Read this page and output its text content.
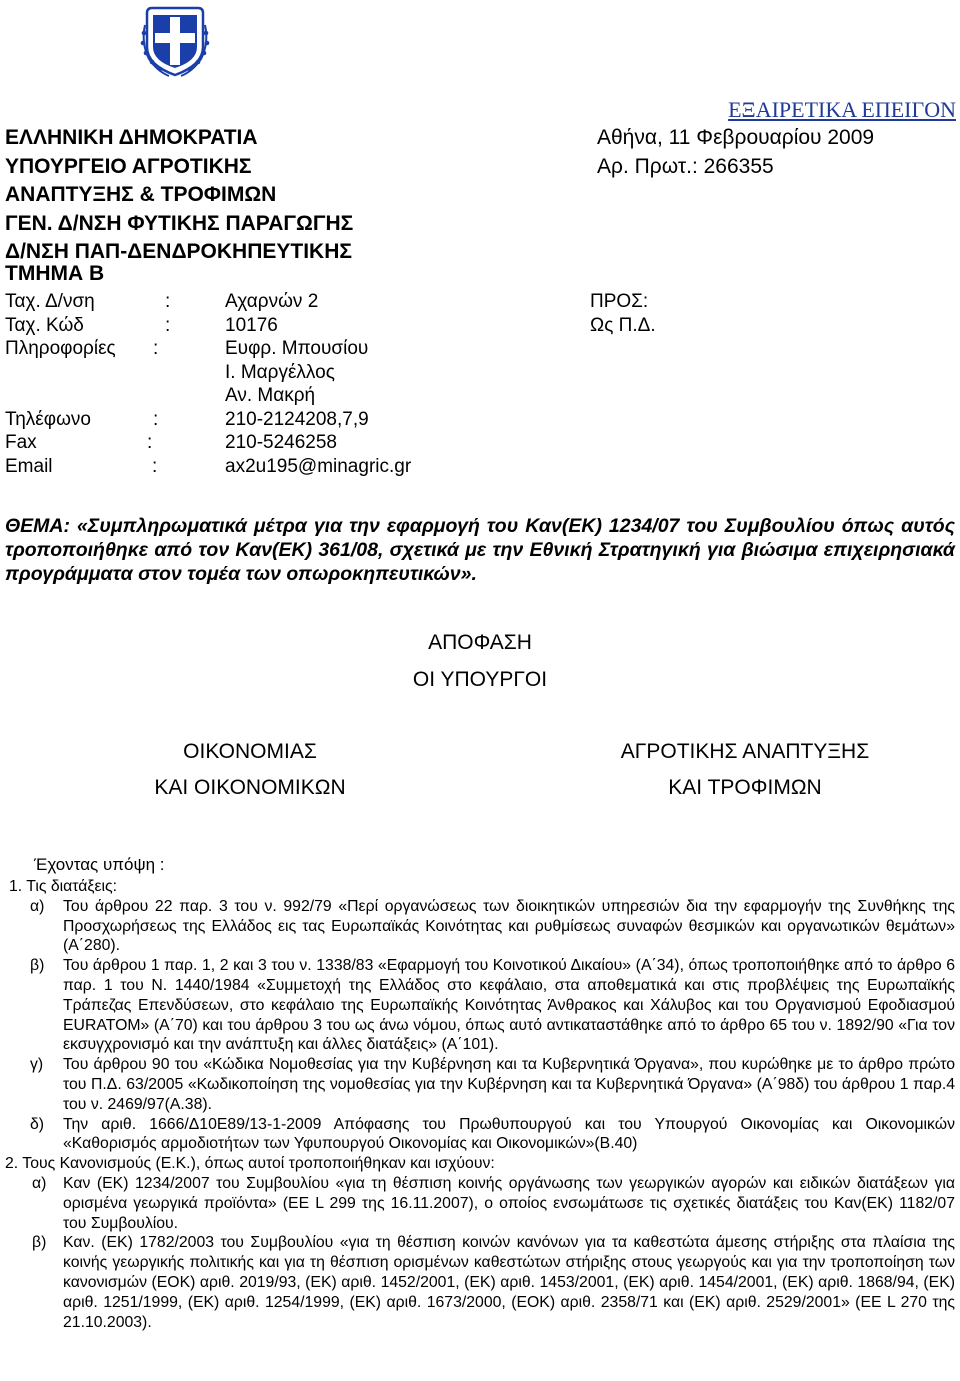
ΕΞΑΙΡΕΤΙΚΑ ΕΠΕΙΓΟΝ
ΕΛΛΗΝΙΚΗ ΔΗΜΟΚΡΑΤΙΑ
ΥΠΟΥΡΓΕΙΟ ΑΓΡΟΤΙΚΗΣ
ΑΝΑΠΤΥΞΗΣ & ΤΡΟΦΙΜΩΝ
ΓΕΝ. Δ/ΝΣΗ ΦΥΤΙΚΗΣ ΠΑΡΑΓΩΓΗΣ
Δ/ΝΣΗ ΠΑΠ-ΔΕΝΔΡΟΚΗΠΕΥΤΙΚΗΣ
ΤΜΗΜΑ Β
Αθήνα, 11 Φεβρουαρίου 2009
Αρ. Πρωτ.: 266355
Ταχ. Δ/νση	:	Αχαρνών 2
Ταχ. Κώδ	:	10176
Πληροφορίες :	Ευφρ. Μπουσίου
Ι. Μαργέλλος
Αν. Μακρή
Τηλέφωνο	:	210-2124208,7,9
Fax	:	210-5246258
Email	:	ax2u195@minagric.gr
ΠΡΟΣ:
Ως Π.Δ.
ΘΕΜΑ: «Συμπληρωματικά μέτρα για την εφαρμογή του Καν(ΕΚ) 1234/07 του Συμβουλίου όπως αυτός τροποποιήθηκε από τον Καν(ΕΚ) 361/08, σχετικά με την Εθνική Στρατηγική για βιώσιμα επιχειρησιακά προγράμματα στον τομέα των οπωροκηπευτικών».
ΑΠΟΦΑΣΗ
ΟΙ ΥΠΟΥΡΓΟΙ
ΟΙΚΟΝΟΜΙΑΣ
ΚΑΙ ΟΙΚΟΝΟΜΙΚΩΝ
ΑΓΡΟΤΙΚΗΣ ΑΝΑΠΤΥΞΗΣ
ΚΑΙ ΤΡΟΦΙΜΩΝ
Έχοντας υπόψη :
1. Τις διατάξεις:
α) Του άρθρου 22 παρ. 3 του ν. 992/79 «Περί οργανώσεως των διοικητικών υπηρεσιών δια την εφαρμογήν της Συνθήκης της Προσχωρήσεως της Ελλάδος εις τας Ευρωπαϊκάς Κοινότητας και ρυθμίσεως συναφών θεσμικών και οργανωτικών θεμάτων» (Α΄280).
β) Του άρθρου 1 παρ. 1, 2 και 3 του ν. 1338/83 «Εφαρμογή του Κοινοτικού Δικαίου» (Α΄34), όπως τροποποιήθηκε από το άρθρο 6 παρ. 1 του Ν. 1440/1984 «Συμμετοχή της Ελλάδος στο κεφάλαιο, στα αποθεματικά και στις προβλέψεις της Ευρωπαϊκής Τράπεζας Επενδύσεων, στο κεφάλαιο της Ευρωπαϊκής Κοινότητας Άνθρακος και Χάλυβος και του Οργανισμού Εφοδιασμού EURATOM» (Α΄70) και του άρθρου 3 του ως άνω νόμου, όπως αυτό αντικαταστάθηκε από το άρθρο 65 του ν. 1892/90 «Για τον εκσυγχρονισμό και την ανάπτυξη και άλλες διατάξεις» (Α΄101).
γ) Του άρθρου 90 του «Κώδικα Νομοθεσίας για την Κυβέρνηση και τα Κυβερνητικά Όργανα», που κυρώθηκε με το άρθρο πρώτο του Π.Δ. 63/2005 «Κωδικοποίηση της νομοθεσίας για την Κυβέρνηση και τα Κυβερνητικά Όργανα» (Α΄98δ) του άρθρου 1 παρ.4 του ν. 2469/97(Α.38).
δ) Την αριθ. 1666/Δ10Ε89/13-1-2009 Απόφασης του Πρωθυπουργού και του Υπουργού Οικονομίας και Οικονομικών «Καθορισμός αρμοδιοτήτων των Υφυπουργού Οικονομίας και Οικονομικών»(Β.40)
2. Τους Κανονισμούς (Ε.Κ.), όπως αυτοί τροποποιήθηκαν και ισχύουν:
α) Καν (ΕΚ) 1234/2007 του Συμβουλίου «για τη θέσπιση κοινής οργάνωσης των γεωργικών αγορών και ειδικών διατάξεων για ορισμένα γεωργικά προϊόντα» (ΕΕ L 299 της 16.11.2007), ο οποίος ενσωμάτωσε τις σχετικές διατάξεις του Καν(ΕΚ) 1182/07 του Συμβουλίου.
β) Καν. (ΕΚ) 1782/2003 του Συμβουλίου «για τη θέσπιση κοινών κανόνων για τα καθεστώτα άμεσης στήριξης στα πλαίσια της κοινής γεωργικής πολιτικής και για τη θέσπιση ορισμένων καθεστώτων στήριξης στους γεωργούς και για την τροποποίηση των κανονισμών (ΕΟΚ) αριθ. 2019/93, (ΕΚ) αριθ. 1452/2001, (ΕΚ) αριθ. 1453/2001, (ΕΚ) αριθ. 1454/2001, (ΕΚ) αριθ. 1868/94, (ΕΚ) αριθ. 1251/1999, (ΕΚ) αριθ. 1254/1999, (ΕΚ) αριθ. 1673/2000, (ΕΟΚ) αριθ. 2358/71 και (ΕΚ) αριθ. 2529/2001» (ΕΕ L 270 της 21.10.2003).
